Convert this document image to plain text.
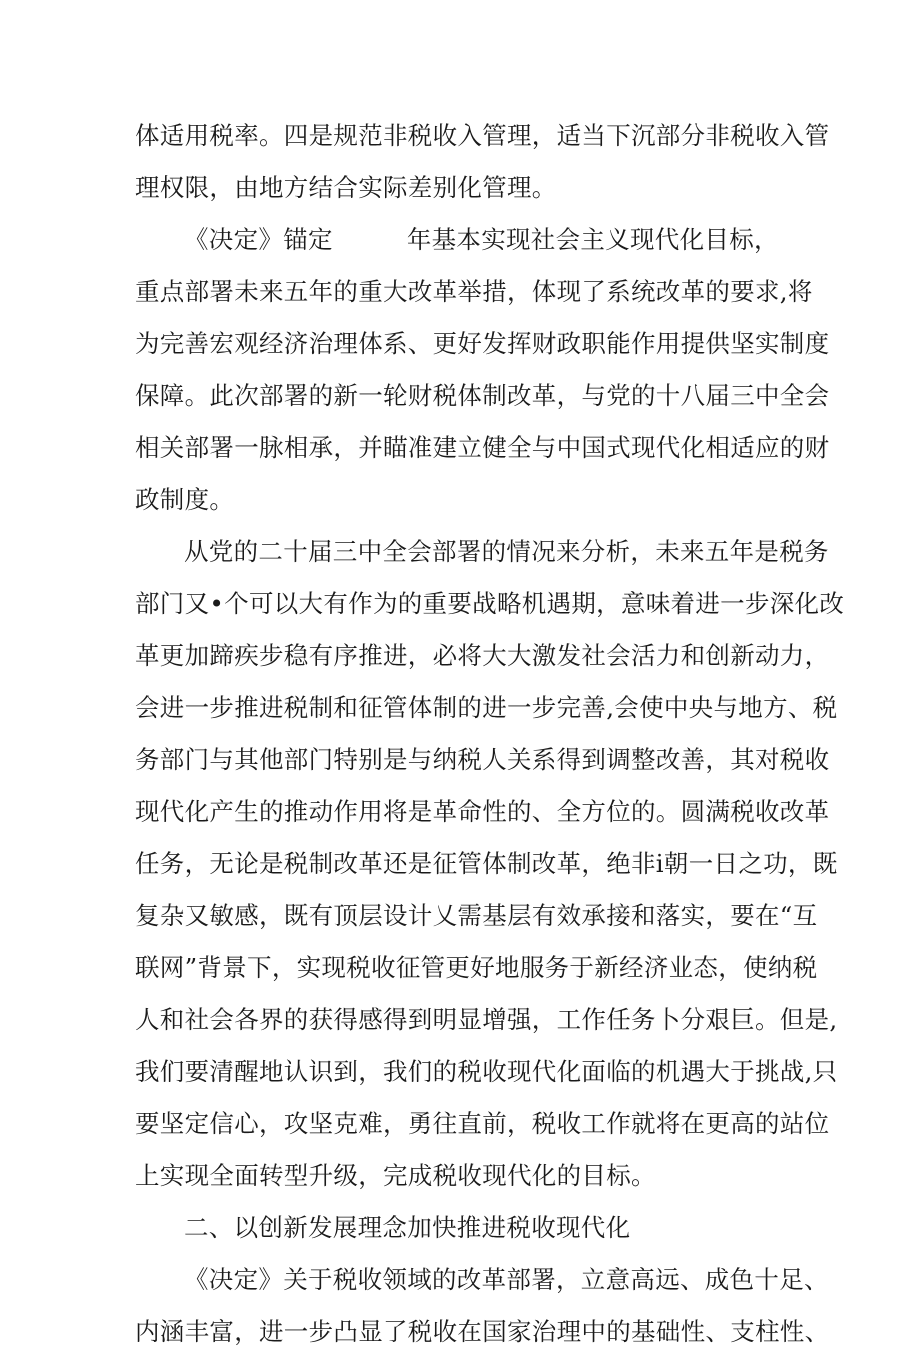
体适用税率。四是规范非税收入管理，适当下沉部分非税收入管
理权限，由地方结合实际差别化管理。
《决定》锚定	年基本实现社会主义现代化目标，
重点部署未来五年的重大改革举措，体现了系统改革的要求,将
为完善宏观经济治理体系、更好发挥财政职能作用提供坚实制度
保障。此次部署的新一轮财税体制改革，与党的十八届三中全会
相关部署一脉相承，并瞄准建立健全与中国式现代化相适应的财
政制度。
从党的二十届三中全会部署的情况来分析，未来五年是税务
部门又•个可以大有作为的重要战略机遇期，意味着进一步深化改
革更加蹄疾步稳有序推进，必将大大激发社会活力和创新动力，
会进一步推进税制和征管体制的进一步完善,会使中央与地方、税
务部门与其他部门特别是与纳税人关系得到调整改善，其对税收
现代化产生的推动作用将是革命性的、全方位的。圆满税收改革
任务，无论是税制改革还是征管体制改革，绝非i朝一日之功，既
复杂又敏感，既有顶层设计乂需基层有效承接和落实，要在“互
联网”背景下，实现税收征管更好地服务于新经济业态，使纳税
人和社会各界的获得感得到明显增强，工作任务卜分艰巨。但是,
我们要清醒地认识到，我们的税收现代化面临的机遇大于挑战,只
要坚定信心，攻坚克难，勇往直前，税收工作就将在更高的站位
上实现全面转型升级，完成税收现代化的目标。
二、以创新发展理念加快推进税收现代化
《决定》关于税收领域的改革部署，立意高远、成色十足、
内涵丰富，进一步凸显了税收在国家治理中的基础性、支柱性、
